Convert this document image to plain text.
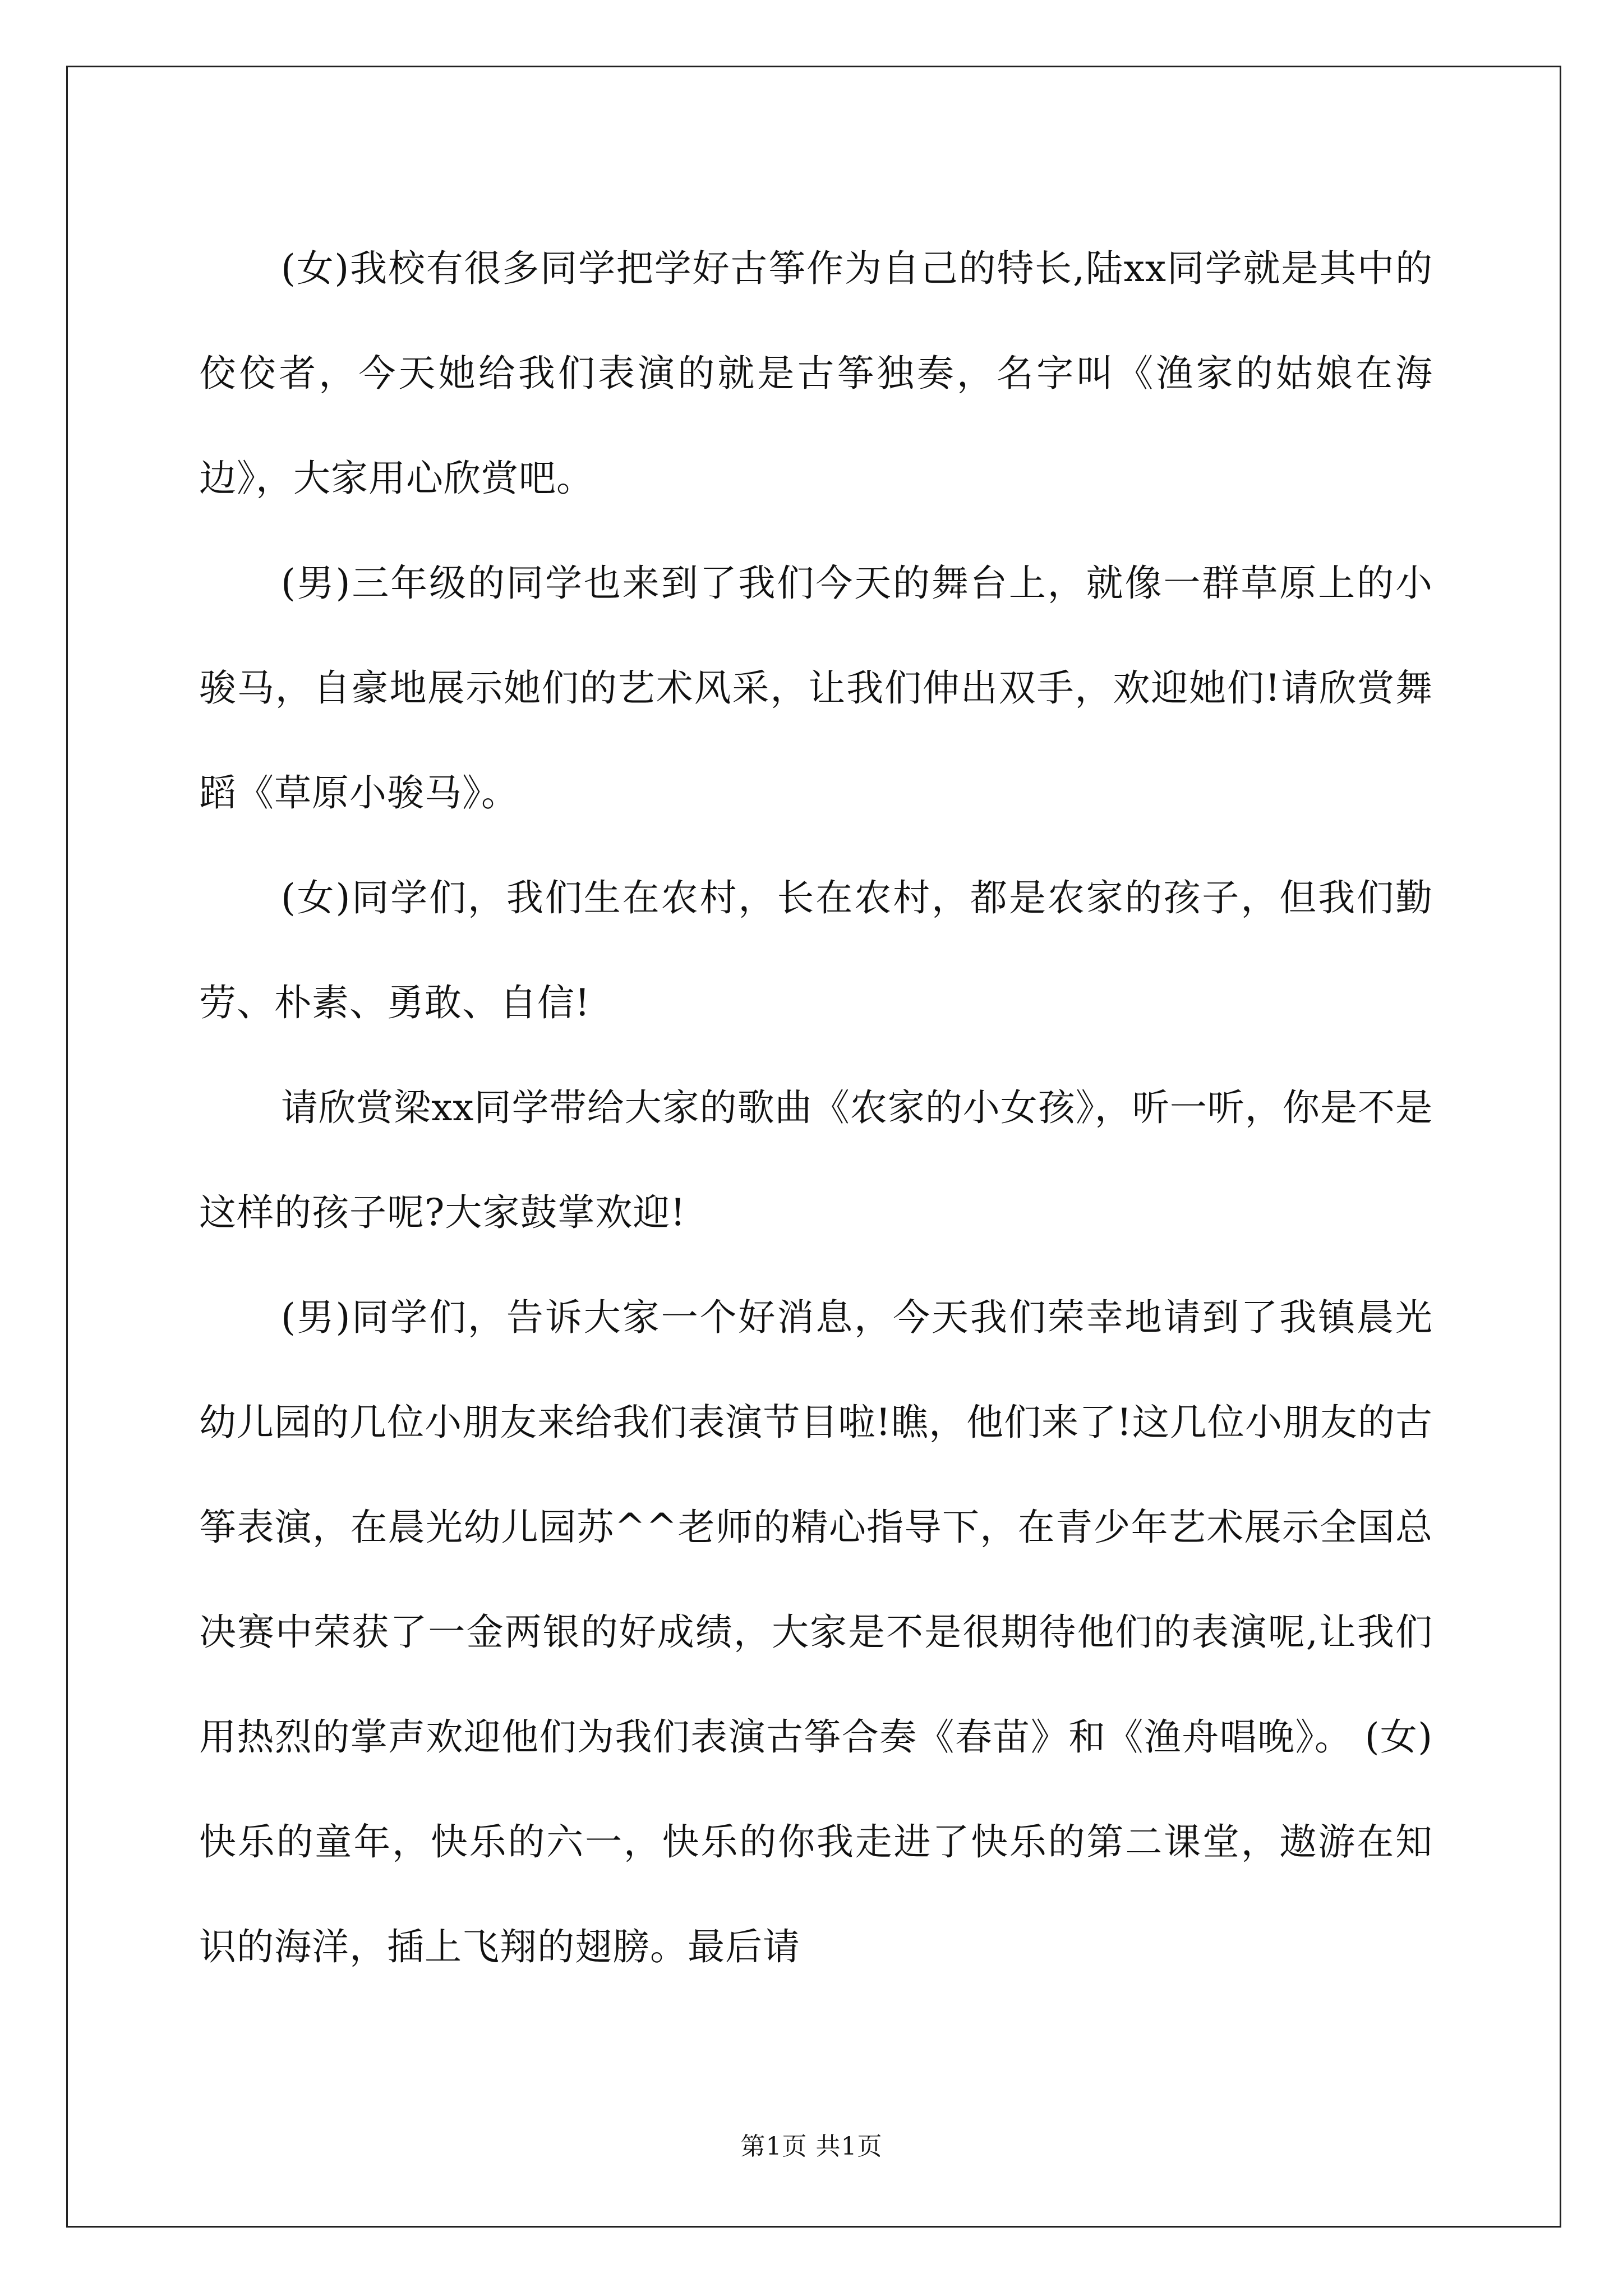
(女)我校有很多同学把学好古筝作为自己的特长,陆xx同学就是其中的佼佼者，今天她给我们表演的就是古筝独奏，名字叫《渔家的姑娘在海边》，大家用心欣赏吧。

(男)三年级的同学也来到了我们今天的舞台上，就像一群草原上的小骏马，自豪地展示她们的艺术风采，让我们伸出双手，欢迎她们!请欣赏舞蹈《草原小骏马》。

(女)同学们，我们生在农村，长在农村，都是农家的孩子，但我们勤劳、朴素、勇敢、自信!

请欣赏梁xx同学带给大家的歌曲《农家的小女孩》，听一听，你是不是这样的孩子呢?大家鼓掌欢迎!

(男)同学们，告诉大家一个好消息，今天我们荣幸地请到了我镇晨光幼儿园的几位小朋友来给我们表演节目啦!瞧，他们来了!这几位小朋友的古筝表演，在晨光幼儿园苏^^老师的精心指导下，在青少年艺术展示全国总决赛中荣获了一金两银的好成绩，大家是不是很期待他们的表演呢,让我们用热烈的掌声欢迎他们为我们表演古筝合奏《春苗》和《渔舟唱晚》。 (女)快乐的童年，快乐的六一，快乐的你我走进了快乐的第二课堂，遨游在知识的海洋，插上飞翔的翅膀。最后请

第1页 共1页
